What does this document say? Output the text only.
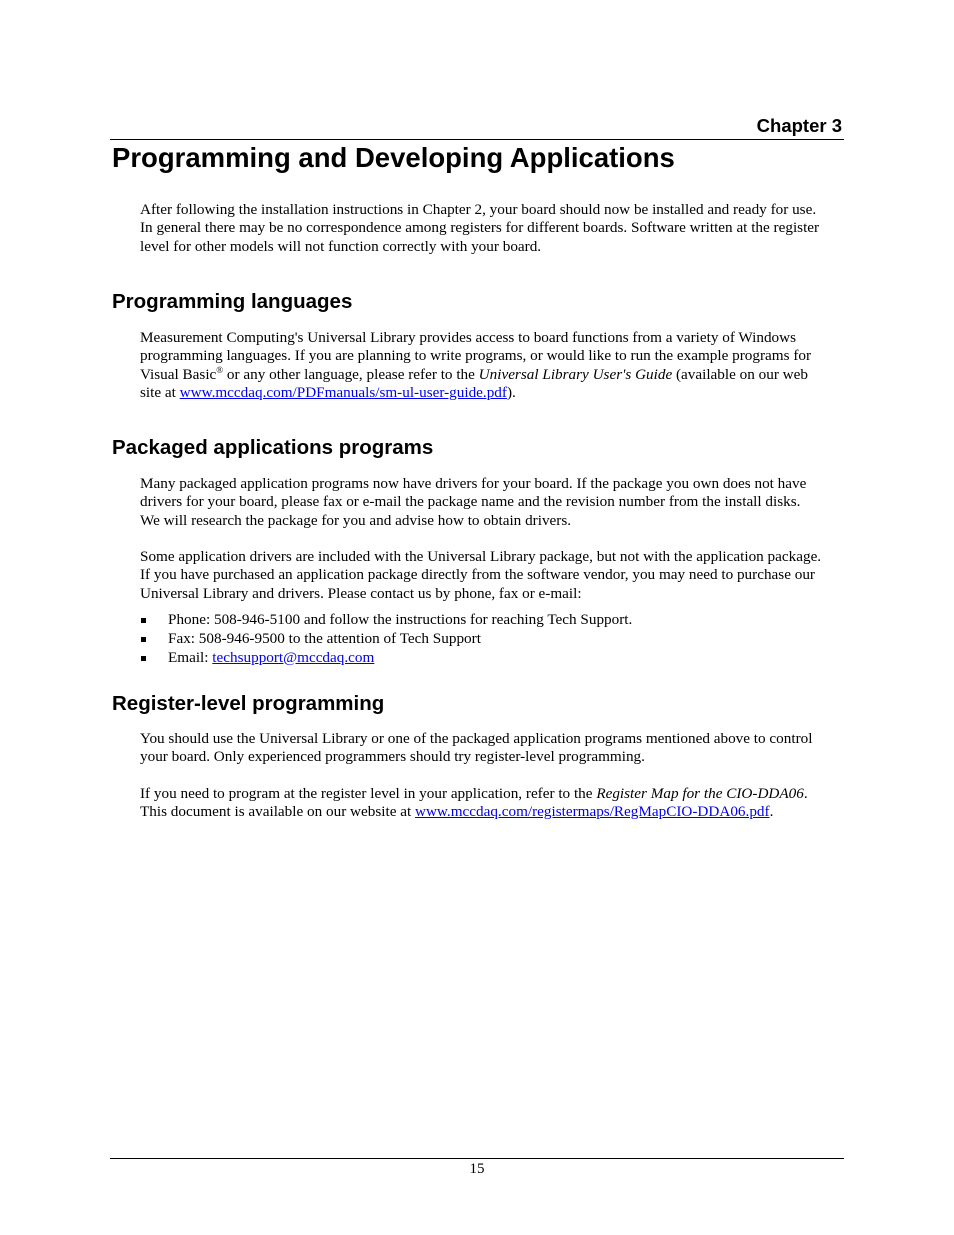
Chapter 3
Programming and Developing Applications

After following the installation instructions in Chapter 2, your board should now be installed and ready for use.
In general there may be no correspondence among registers for different boards. Software written at the register
level for other models will not function correctly with your board.

Programming languages

Measurement Computing's Universal Library provides access to board functions from a variety of Windows
programming languages. If you are planning to write programs, or would like to run the example programs for
Visual Basic® or any other language, please refer to the Universal Library User's Guide (available on our web
site at www.mccdaq.com/PDFmanuals/sm-ul-user-guide.pdf).

Packaged applications programs

Many packaged application programs now have drivers for your board. If the package you own does not have
drivers for your board, please fax or e-mail the package name and the revision number from the install disks.
We will research the package for you and advise how to obtain drivers.

Some application drivers are included with the Universal Library package, but not with the application package.
If you have purchased an application package directly from the software vendor, you may need to purchase our
Universal Library and drivers. Please contact us by phone, fax or e-mail:

Phone: 508-946-5100 and follow the instructions for reaching Tech Support.
Fax: 508-946-9500 to the attention of Tech Support
Email: techsupport@mccdaq.com
Register-level programming

You should use the Universal Library or one of the packaged application programs mentioned above to control
your board. Only experienced programmers should try register-level programming.

If you need to program at the register level in your application, refer to the Register Map for the CIO-DDA06.
This document is available on our website at www.mccdaq.com/registermaps/RegMapCIO-DDA06.pdf.

15
